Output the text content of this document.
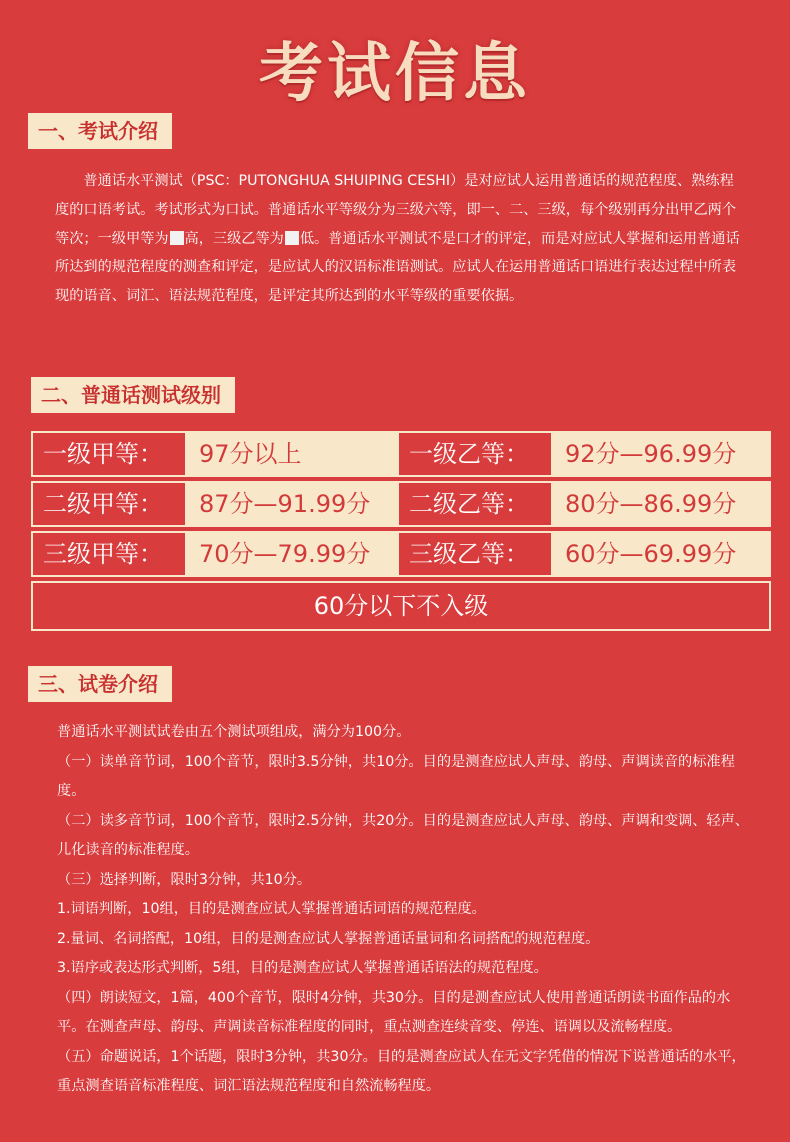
考试信息
一、考试介绍

普通话水平测试（PSC：PUTONGHUA SHUIPING CESHI）是对应试人运用普通话的规范程度、熟练程度的口语考试。考试形式为口试。普通话水平等级分为三级六等，即一、二、三级，每个级别再分出甲乙两个等次；一级甲等为 高，三级乙等为 低。普通话水平测试不是口才的评定，而是对应试人掌握和运用普通话所达到的规范程度的测查和评定，是应试人的汉语标准语测试。应试人在运用普通话口语进行表达过程中所表现的语音、词汇、语法规范程度，是评定其所达到的水平等级的重要依据。

二、普通话测试级别
一级甲等：	97分以上	一级乙等：	92分—96.99分
二级甲等：	87分—91.99分	二级乙等：	80分—86.99分
三级甲等：	70分—79.99分	三级乙等：	60分—69.99分
60分以下不入级
三、试卷介绍

普通话水平测试试卷由五个测试项组成，满分为100分。

（一）读单音节词，100个音节，限时3.5分钟，共10分。目的是测查应试人声母、韵母、声调读音的标准程度。

（二）读多音节词，100个音节，限时2.5分钟，共20分。目的是测查应试人声母、韵母、声调和变调、轻声、儿化读音的标准程度。

（三）选择判断，限时3分钟，共10分。

1.词语判断，10组，目的是测查应试人掌握普通话词语的规范程度。

2.量词、名词搭配，10组，目的是测查应试人掌握普通话量词和名词搭配的规范程度。

3.语序或表达形式判断，5组，目的是测查应试人掌握普通话语法的规范程度。

（四）朗读短文，1篇，400个音节，限时4分钟，共30分。目的是测查应试人使用普通话朗读书面作品的水平。在测查声母、韵母、声调读音标准程度的同时，重点测查连续音变、停连、语调以及流畅程度。

（五）命题说话，1个话题，限时3分钟，共30分。目的是测查应试人在无文字凭借的情况下说普通话的水平，重点测查语音标准程度、词汇语法规范程度和自然流畅程度。
